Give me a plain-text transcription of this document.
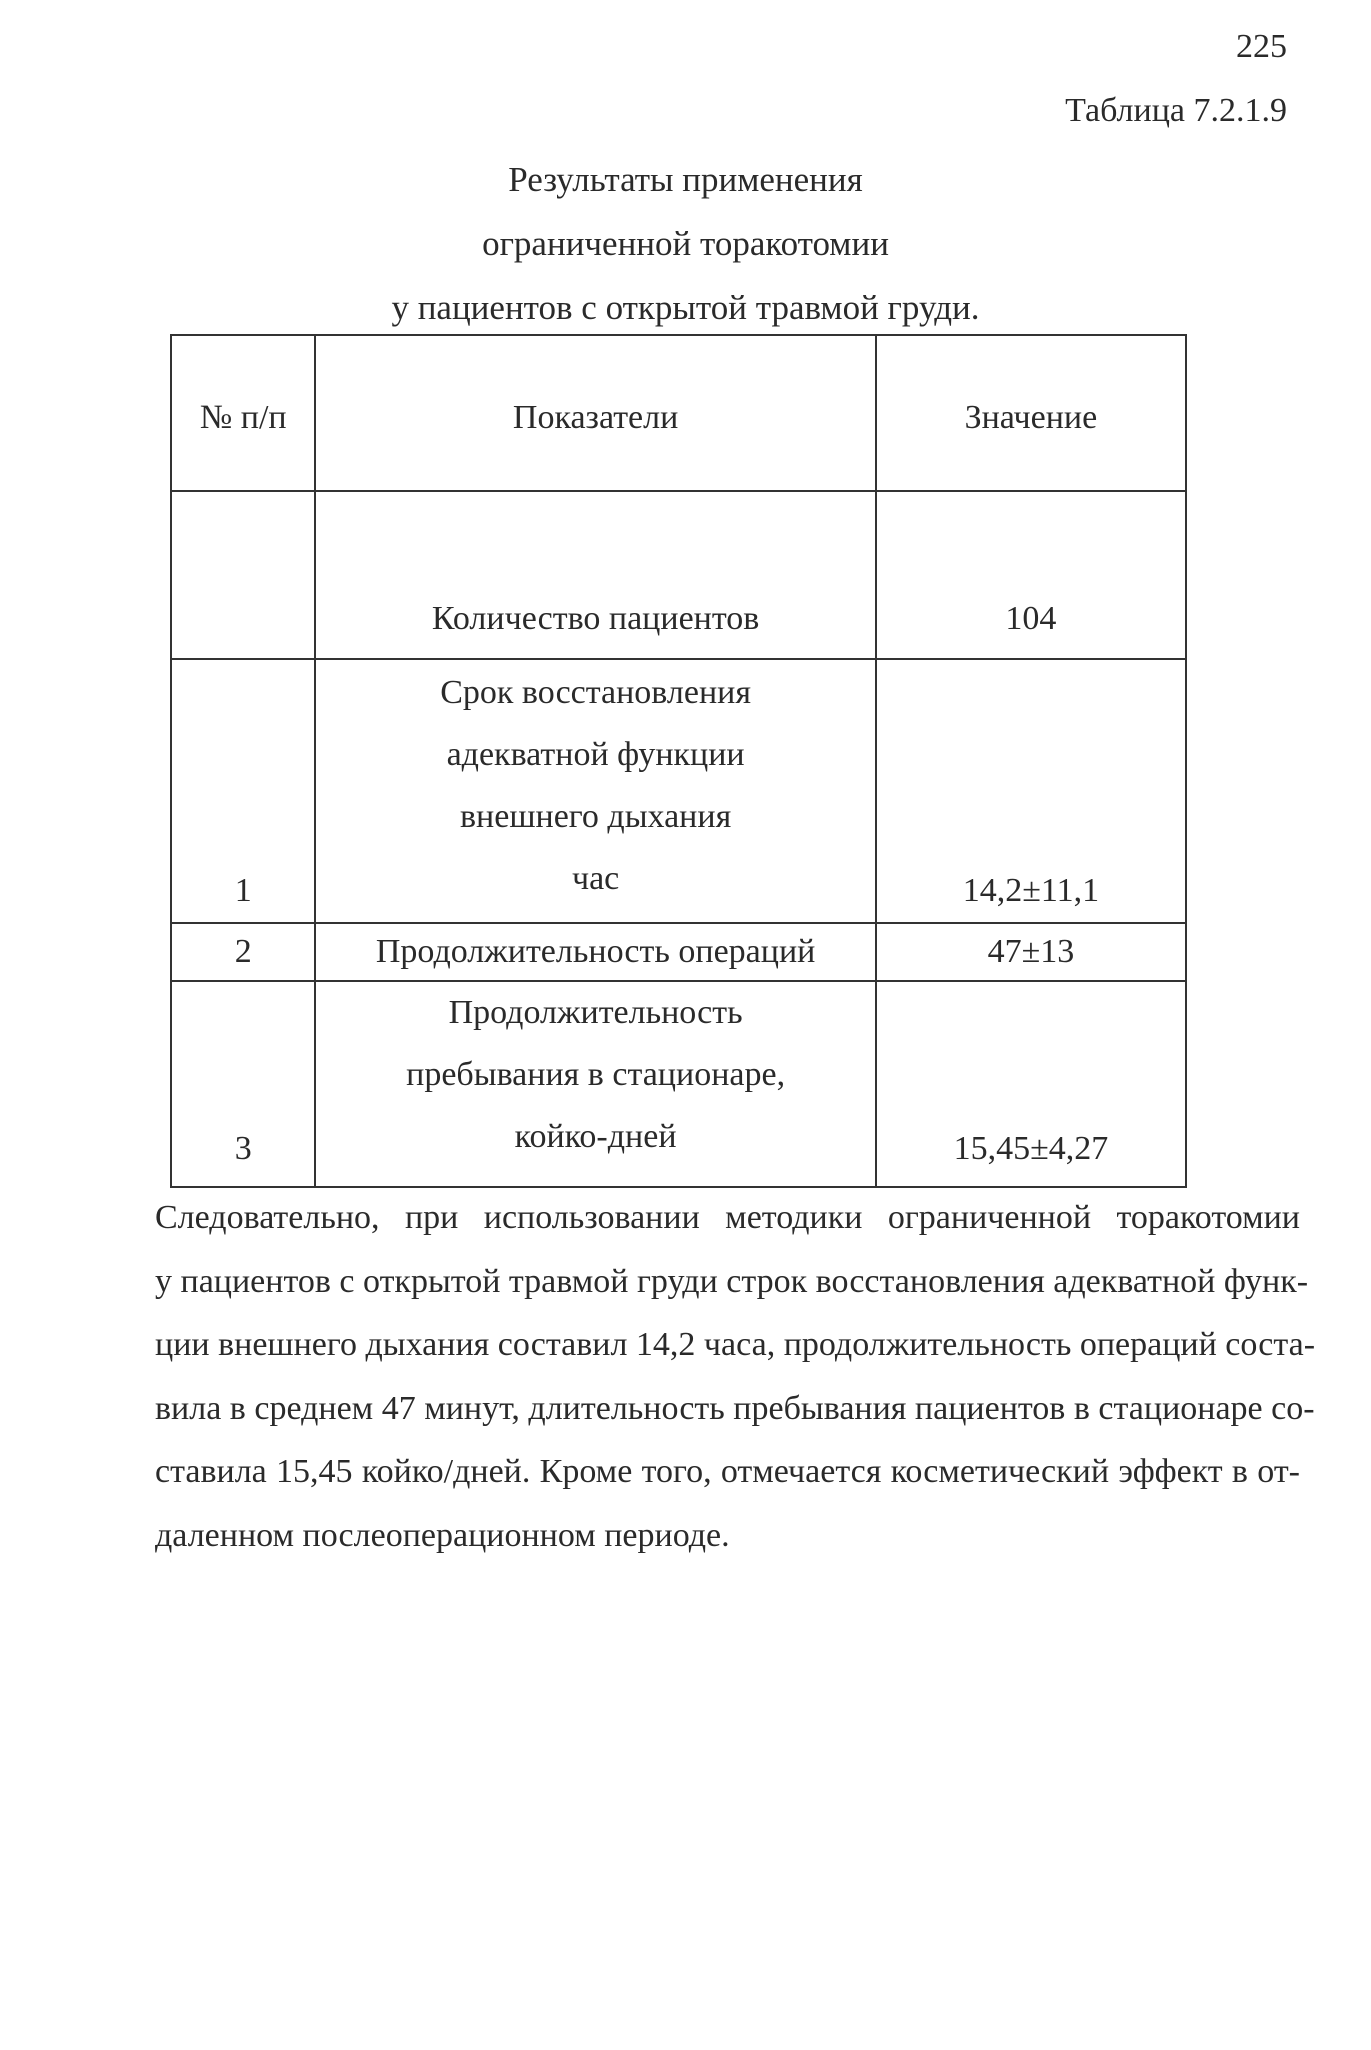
225
Таблица 7.2.1.9
Результаты применения
ограниченной торакотомии
у пациентов с открытой травмой груди.
№ п/п	Показатели	Значение

	Количество пациентов	104
1	Срок восстановления
адекватной функции
внешнего дыхания
час	14,2±11,1
2	Продолжительность операций	47±13
3	Продолжительность
пребывания в стационаре,
койко-дней	15,45±4,27
Следовательно, при использовании методики ограниченной торакотомии
у пациентов с открытой травмой груди строк восстановления адекватной функ-
ции внешнего дыхания составил 14,2 часа, продолжительность операций соста-
вила в среднем 47 минут, длительность пребывания пациентов в стационаре со-
ставила 15,45 койко/дней. Кроме того, отмечается косметический эффект в от-
даленном послеоперационном периоде.
